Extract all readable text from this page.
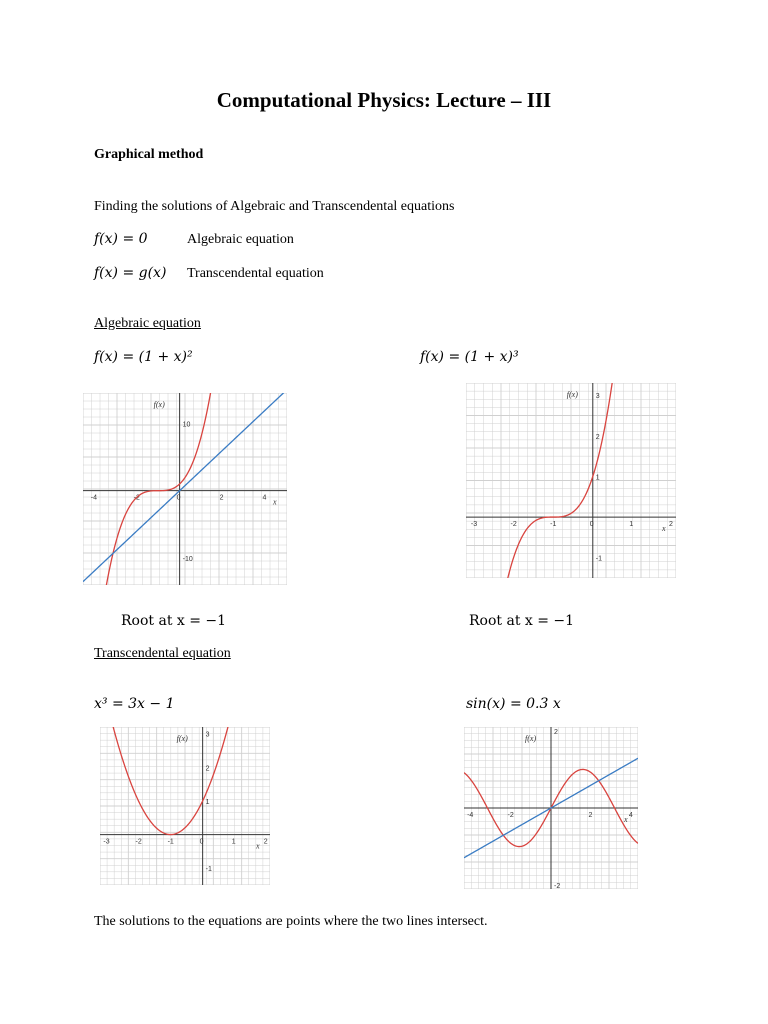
Computational Physics: Lecture – III
Graphical method
Finding the solutions of Algebraic and Transcendental equations
f(x) = 0	Algebraic equation
f(x) = g(x) Transcendental equation
Algebraic equation
f(x) = (1 + x)²	f(x) = (1 + x)³
-4	-2	0	2	4
10
-10
x
f(x)
-3	-2	-1	0	1	2
3
2
1
-1
x
f(x)
Root at x = −1	Root at x = −1
Transcendental equation
x³ = 3x − 1	sin(x) = 0.3 x
-3	-2	-1	0	1	2
3
2
1
-1
x
f(x)
-4	-2	2	4
2
-2
x
f(x)
The solutions to the equations are points where the two lines intersect.
